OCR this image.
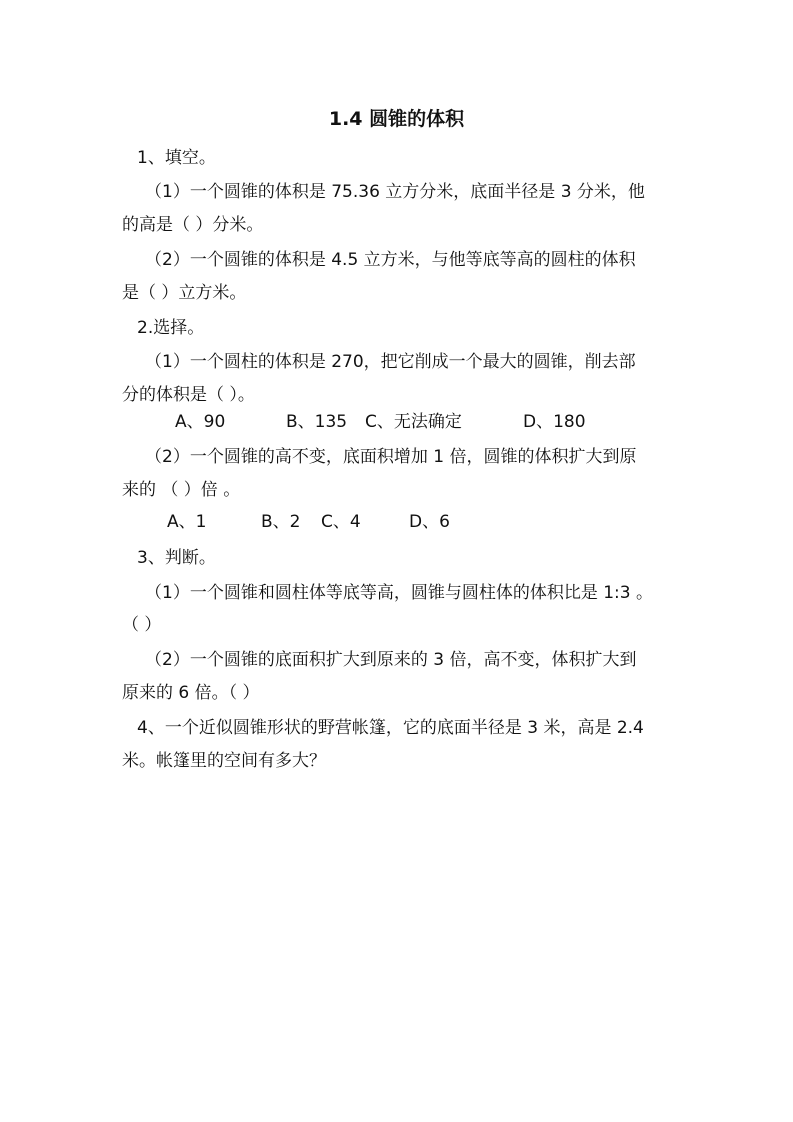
1.4 圆锥的体积
1、填空。
（1）一个圆锥的体积是 75.36 立方分米，底面半径是 3 分米，他
的高是（ ）分米。
（2）一个圆锥的体积是 4.5 立方米，与他等底等高的圆柱的体积
是（ ）立方米。
2.选择。
（1）一个圆柱的体积是 270，把它削成一个最大的圆锥，削去部
分的体积是（ ）。
A、90	B、135 C、无法确定	D、180
（2）一个圆锥的高不变，底面积增加 1 倍，圆锥的体积扩大到原
来的 （ ）倍 。
A、1	B、2 C、4	D、6
3、判断。
（1）一个圆锥和圆柱体等底等高，圆锥与圆柱体的体积比是 1:3 。
（ ）
（2）一个圆锥的底面积扩大到原来的 3 倍，高不变，体积扩大到
原来的 6 倍。（ ）
4、一个近似圆锥形状的野营帐篷，它的底面半径是 3 米，高是 2.4
米。帐篷里的空间有多大？
